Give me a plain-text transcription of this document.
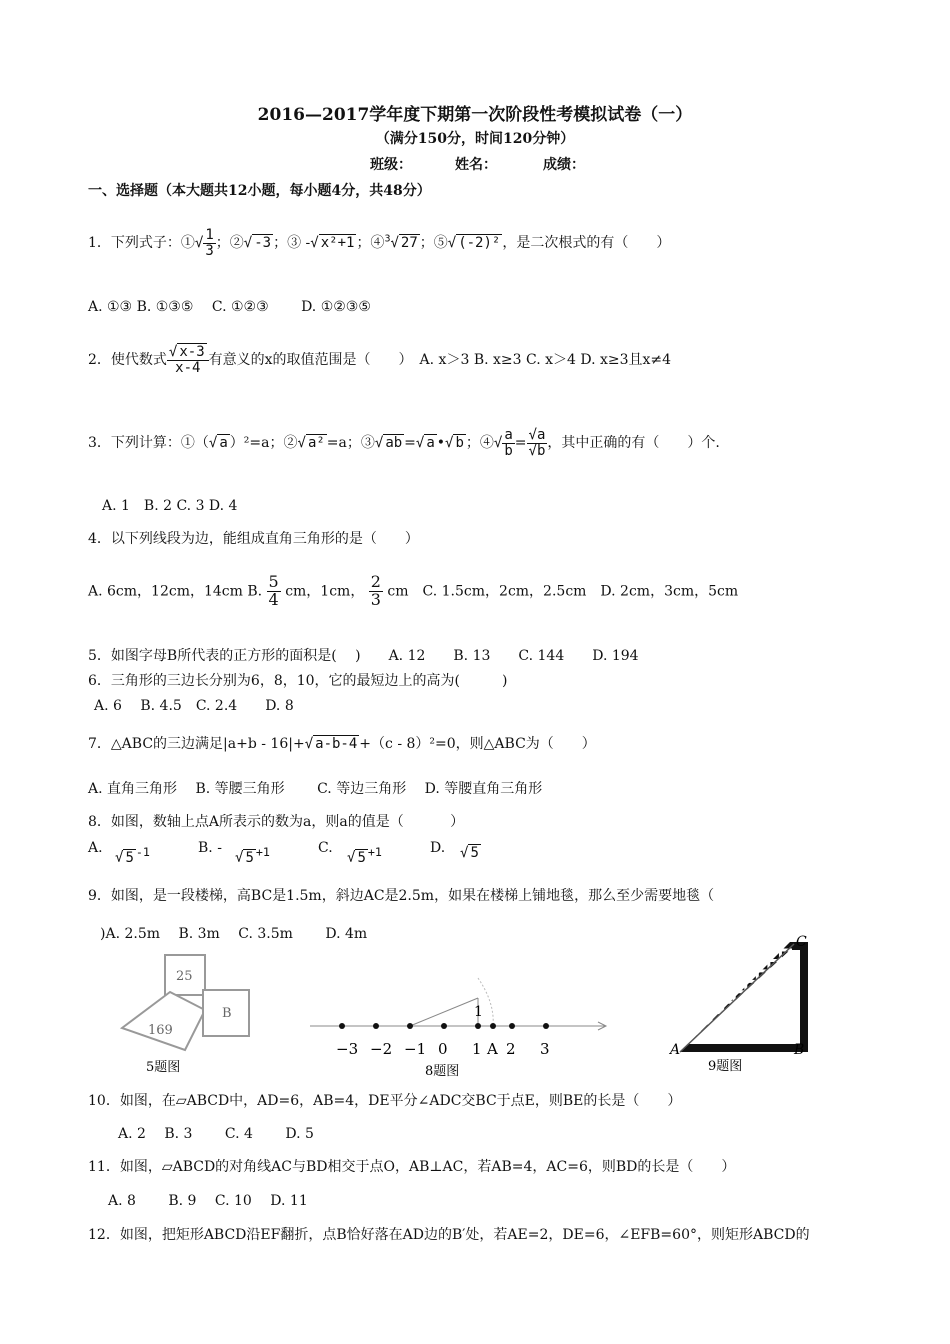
2016—2017学年度下期第一次阶段性考模拟试卷（一）
（满分150分，时间120分钟）
班级：	姓名：	成绩：
一、选择题（本大题共12小题，每小题4分，共48分）
1．下列式子：①√ $\frac{1}{3}$ ；②√ -3 ；③ -√ x²+1 ；④$^3$√ 27 ；⑤√ (-2)² ，是二次根式的有（　　）
A. ①③ B. ①③⑤　 C. ①②③　　 D. ①②③⑤
2．使代数式 $\frac{√ x-3}{x-4}$ 有意义的x的取值范围是（　　）　A. x＞3 B. x≥3 C. x＞4 D. x≥3且x≠4
3．下列计算：①（√ a ）²=a；②√ a² =a；③√ ab =√ a •√ b ；④√ $\frac{a}{b} = \frac{√a}{√b}$ ，其中正确的有（　　）个.
A. 1　B. 2 C. 3 D. 4
4．以下列线段为边，能组成直角三角形的是（　　）
A. 6cm，12cm，14cm B. $\frac{5}{4}$ cm，1cm， $\frac{2}{3}$ cm　C. 1.5cm，2cm，2.5cm　D. 2cm，3cm，5cm
5．如图字母B所代表的正方形的面积是(　 )　　A. 12　　B. 13　　C. 144　　D. 194
6．三角形的三边长分别为6，8，10，它的最短边上的高为(　　　)
A. 6　 B. 4.5　C. 2.4　　D. 8
7．△ABC的三边满足|a+b - 16|+√ a-b-4 +（c - 8）²=0，则△ABC为（　　）
A. 直角三角形　 B. 等腰三角形　　 C. 等边三角形　 D. 等腰直角三角形
8．如图，数轴上点A所表示的数为a，则a的值是（　　　 ）
A.
√ 5 $^{-1}$	B. -
√ 5 $^{+1}$	C.
√ 5 $^{+1}$	D. √ 5
9．如图，是一段楼梯，高BC是1.5m，斜边AC是2.5m，如果在楼梯上铺地毯，那么至少需要地毯（
)A. 2.5m　 B. 3m　 C. 3.5m　　 D. 4m
25
169
B
5题图
−3 −2 −1 0 1 2 3
1
A
8题图
A	B
C
9题图
10．如图，在▱ABCD中，AD=6，AB=4，DE平分∠ADC交BC于点E，则BE的长是（　　）
A. 2　 B. 3　　 C. 4　　 D. 5
11．如图，▱ABCD的对角线AC与BD相交于点O，AB⊥AC，若AB=4，AC=6，则BD的长是（　　）
A. 8　　 B. 9　 C. 10　 D. 11
12．如图，把矩形ABCD沿EF翻折，点B恰好落在AD边的B′处，若AE=2，DE=6，∠EFB=60°，则矩形ABCD的
